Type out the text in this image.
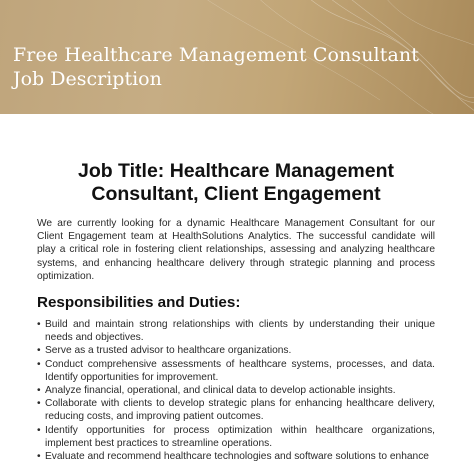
Free Healthcare Management Consultant
Job Description
Job Title: Healthcare Management Consultant, Client Engagement

We are currently looking for a dynamic Healthcare Management Consultant for our Client Engagement team at HealthSolutions Analytics. The successful candidate will play a critical role in fostering client relationships, assessing and analyzing healthcare systems, and enhancing healthcare delivery through strategic planning and process optimization.

Responsibilities and Duties:
• Build and maintain strong relationships with clients by understanding their unique needs and objectives.
• Serve as a trusted advisor to healthcare organizations.
• Conduct comprehensive assessments of healthcare systems, processes, and data. Identify opportunities for improvement.
• Analyze financial, operational, and clinical data to develop actionable insights.
• Collaborate with clients to develop strategic plans for enhancing healthcare delivery, reducing costs, and improving patient outcomes.
• Identify opportunities for process optimization within healthcare organizations, implement best practices to streamline operations.
• Evaluate and recommend healthcare technologies and software solutions to enhance
